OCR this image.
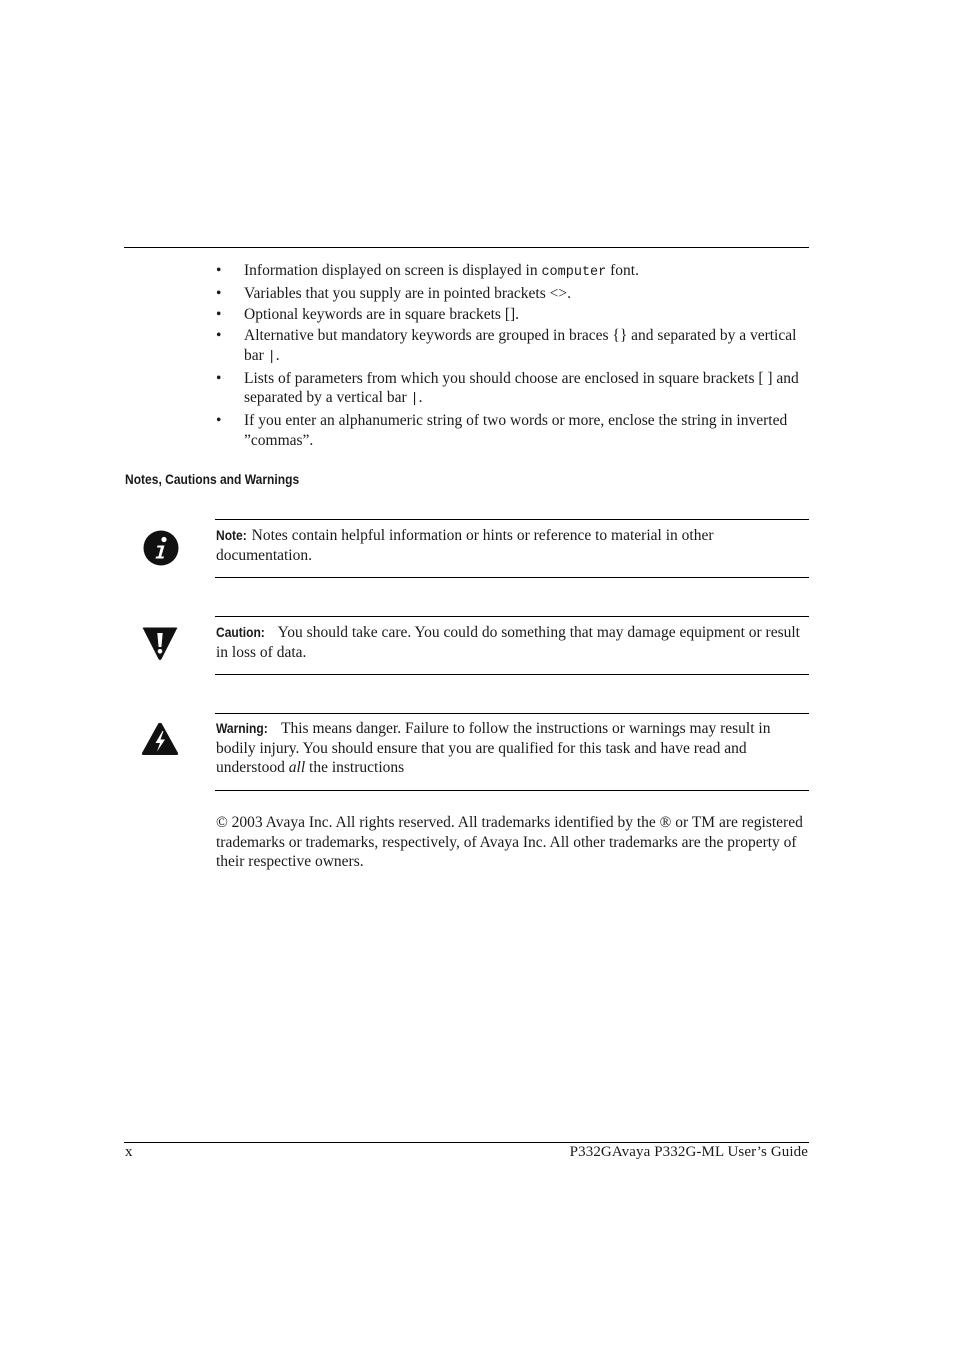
• Information displayed on screen is displayed in computer font.
• Variables that you supply are in pointed brackets <>.
• Optional keywords are in square brackets [].
• Alternative but mandatory keywords are grouped in braces {} and separated by a vertical bar |.
• Lists of parameters from which you should choose are enclosed in square brackets [ ] and separated by a vertical bar |.
• If you enter an alphanumeric string of two words or more, enclose the string in inverted ”commas”.
Notes, Cautions and Warnings
Note: Notes contain helpful information or hints or reference to material in other documentation.
Caution: You should take care. You could do something that may damage equipment or result in loss of data.
Warning: This means danger. Failure to follow the instructions or warnings may result in bodily injury. You should ensure that you are qualified for this task and have read and understood all the instructions
© 2003 Avaya Inc. All rights reserved. All trademarks identified by the ® or TM are registered trademarks or trademarks, respectively, of Avaya Inc. All other trademarks are the property of their respective owners.
x	P332GAvaya P332G-ML User’s Guide
